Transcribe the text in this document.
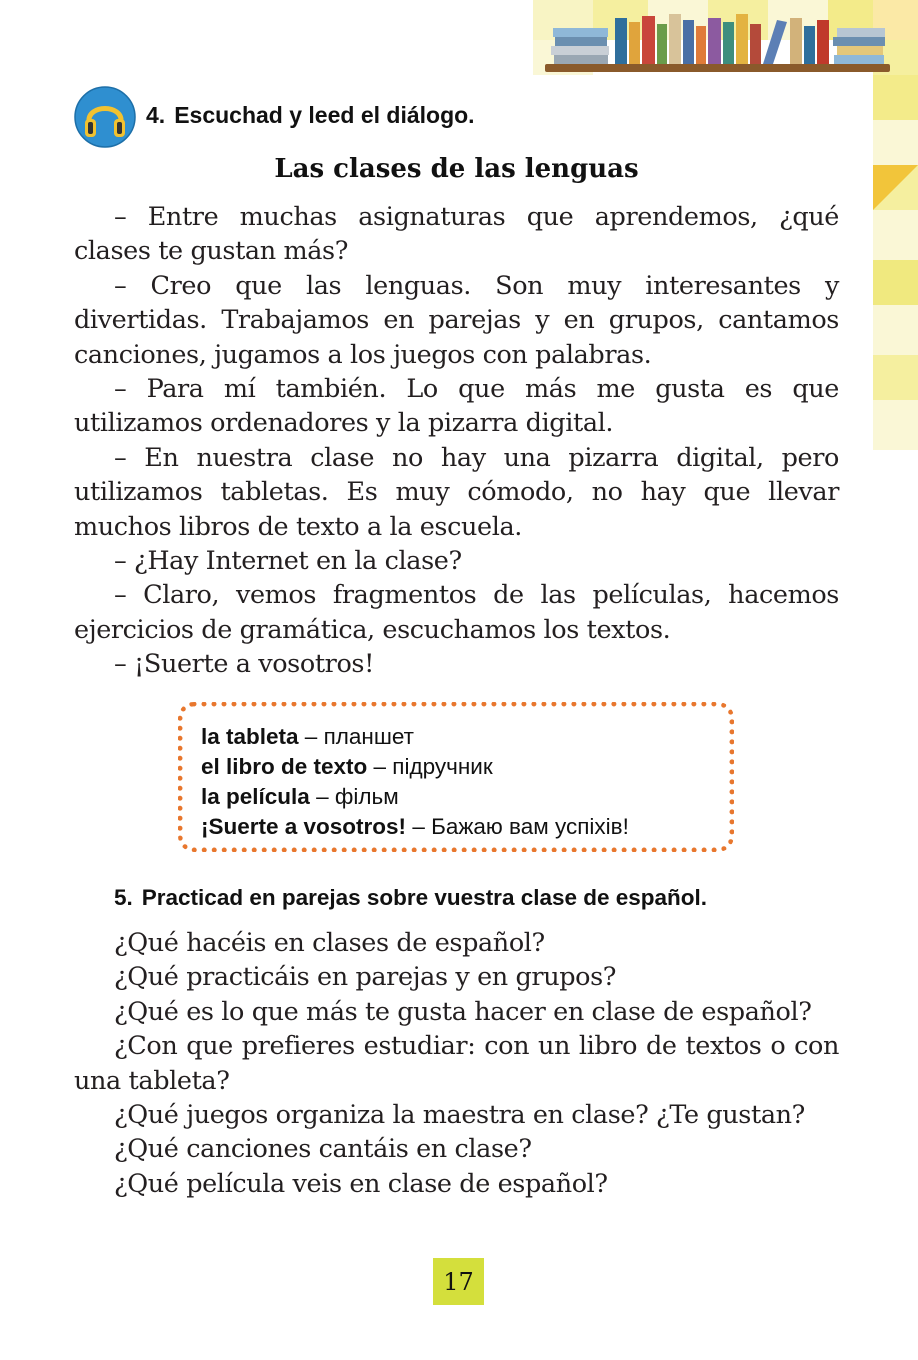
4. Escuchad y leed el diálogo.
Las clases de las lenguas

– Entre muchas asignaturas que aprendemos, ¿qué clases te gustan más?

– Creo que las lenguas. Son muy interesantes y divertidas. Trabajamos en parejas y en grupos, cantamos canciones, jugamos a los juegos con palabras.

– Para mí también. Lo que más me gusta es que utilizamos ordenadores y la pizarra digital.

– En nuestra clase no hay una pizarra digital, pero utilizamos tabletas. Es muy cómodo, no hay que llevar muchos libros de texto a la escuela.

– ¿Hay Internet en la clase?

– Claro, vemos fragmentos de las películas, hacemos ejercicios de gramática, escuchamos los textos.

– ¡Suerte a vosotros!

la tableta – планшет
el libro de texto – підручник
la película – фільм
¡Suerte a vosotros! – Бажаю вам успіхів!
5. Practicad en parejas sobre vuestra clase de español.

¿Qué hacéis en clases de español?

¿Qué practicáis en parejas y en grupos?

¿Qué es lo que más te gusta hacer en clase de español?

¿Con que prefieres estudiar: con un libro de textos o con una tableta?

¿Qué juegos organiza la maestra en clase? ¿Te gustan?

¿Qué canciones cantáis en clase?

¿Qué película veis en clase de español?

17
